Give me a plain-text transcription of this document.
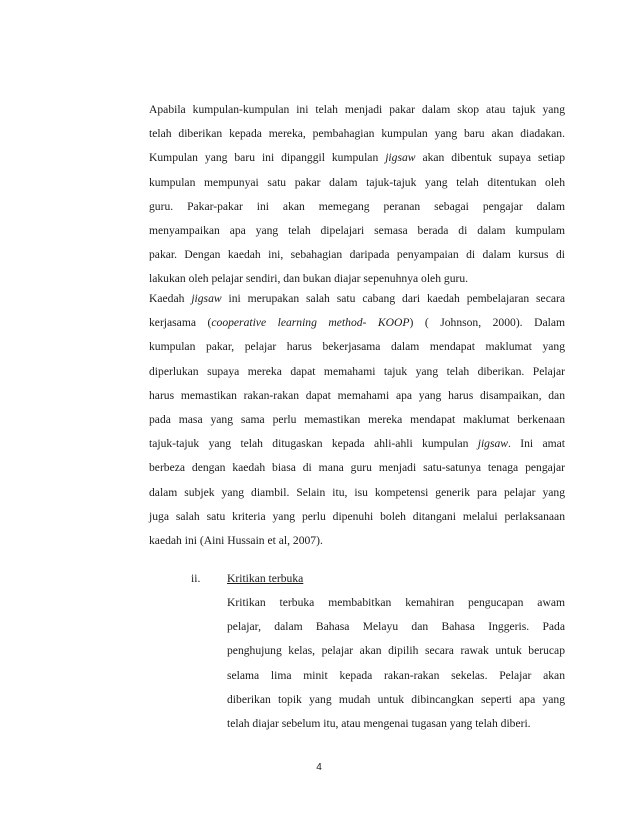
Apabila kumpulan-kumpulan ini telah menjadi pakar dalam skop atau tajuk yang
telah diberikan kepada mereka, pembahagian kumpulan yang baru akan diadakan.
Kumpulan yang baru ini dipanggil kumpulan jigsaw akan dibentuk supaya setiap
kumpulan mempunyai satu pakar dalam tajuk-tajuk yang telah ditentukan oleh
guru. Pakar-pakar ini akan memegang peranan sebagai pengajar dalam
menyampaikan apa yang telah dipelajari semasa berada di dalam kumpulam
pakar. Dengan kaedah ini, sebahagian daripada penyampaian di dalam kursus di
lakukan oleh pelajar sendiri, dan bukan diajar sepenuhnya oleh guru.
Kaedah jigsaw ini merupakan salah satu cabang dari kaedah pembelajaran secara
kerjasama (cooperative learning method- KOOP) ( Johnson, 2000). Dalam
kumpulan pakar, pelajar harus bekerjasama dalam mendapat maklumat yang
diperlukan supaya mereka dapat memahami tajuk yang telah diberikan. Pelajar
harus memastikan rakan-rakan dapat memahami apa yang harus disampaikan, dan
pada masa yang sama perlu memastikan mereka mendapat maklumat berkenaan
tajuk-tajuk yang telah ditugaskan kepada ahli-ahli kumpulan jigsaw. Ini amat
berbeza dengan kaedah biasa di mana guru menjadi satu-satunya tenaga pengajar
dalam subjek yang diambil. Selain itu, isu kompetensi generik para pelajar yang
juga salah satu kriteria yang perlu dipenuhi boleh ditangani melalui perlaksanaan
kaedah ini (Aini Hussain et al, 2007).
ii. Kritikan terbuka
Kritikan terbuka membabitkan kemahiran pengucapan awam
pelajar, dalam Bahasa Melayu dan Bahasa Inggeris. Pada
penghujung kelas, pelajar akan dipilih secara rawak untuk berucap
selama lima minit kepada rakan-rakan sekelas. Pelajar akan
diberikan topik yang mudah untuk dibincangkan seperti apa yang
telah diajar sebelum itu, atau mengenai tugasan yang telah diberi.
4
